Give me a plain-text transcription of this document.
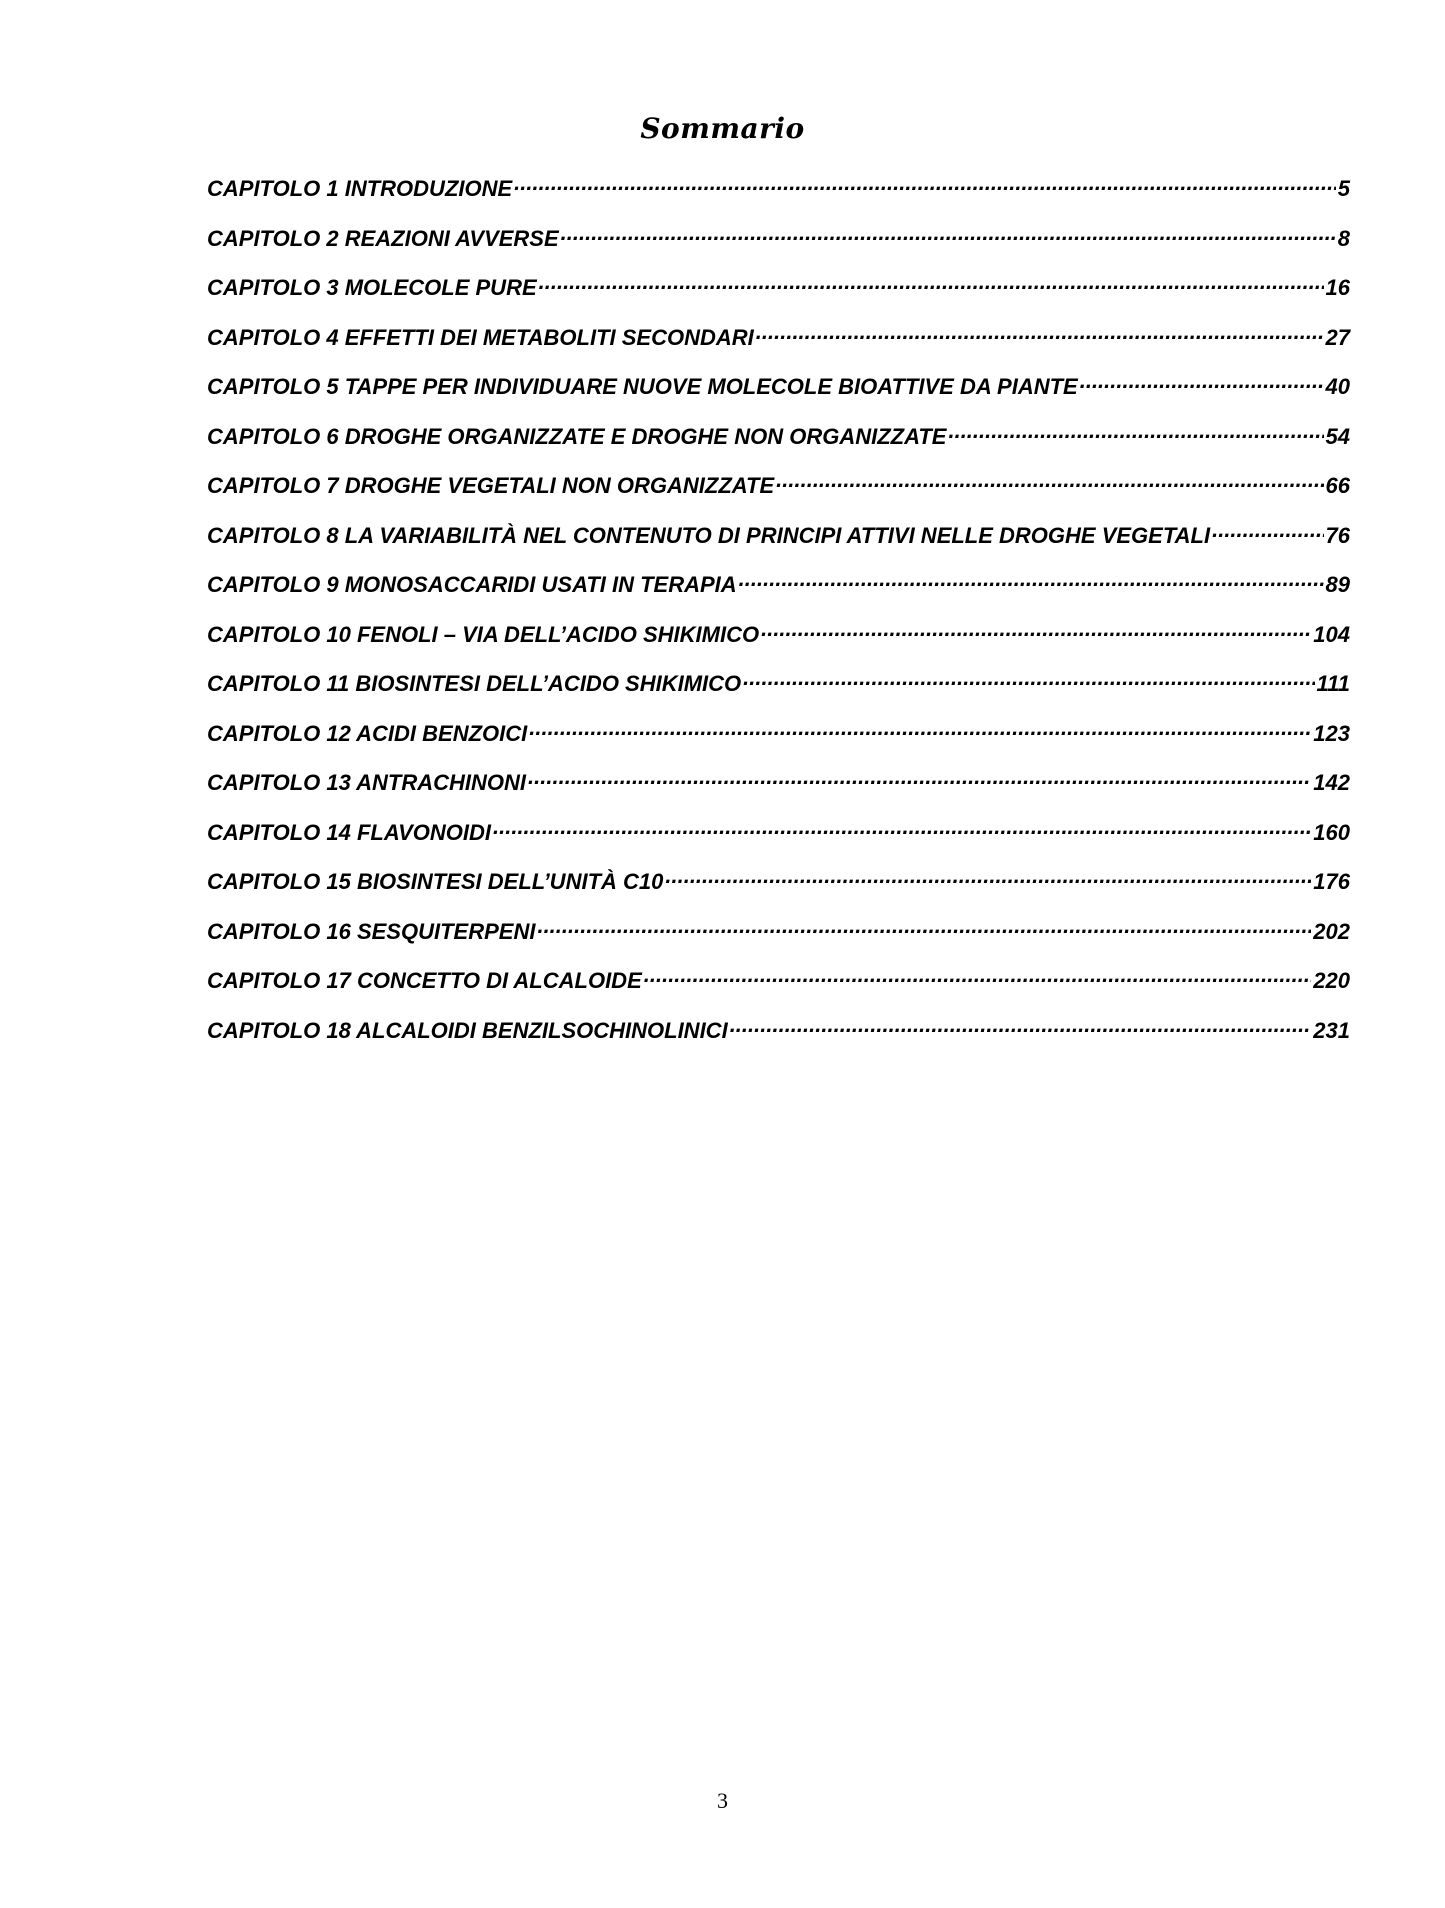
Sommario
CAPITOLO 1 INTRODUZIONE .....	5
CAPITOLO 2 REAZIONI AVVERSE .....	8
CAPITOLO 3 MOLECOLE PURE .....	16
CAPITOLO 4 EFFETTI DEI METABOLITI SECONDARI .....	27
CAPITOLO 5 TAPPE PER INDIVIDUARE NUOVE MOLECOLE BIOATTIVE DA PIANTE .....	40
CAPITOLO 6 DROGHE ORGANIZZATE E DROGHE NON ORGANIZZATE .....	54
CAPITOLO 7 DROGHE VEGETALI NON ORGANIZZATE .....	66
CAPITOLO 8 LA VARIABILITÀ NEL CONTENUTO DI PRINCIPI ATTIVI NELLE DROGHE VEGETALI .....	76
CAPITOLO 9 MONOSACCARIDI USATI IN TERAPIA .....	89
CAPITOLO 10 FENOLI – VIA DELL’ACIDO SHIKIMICO .....	104
CAPITOLO 11 BIOSINTESI DELL’ACIDO SHIKIMICO .....	111
CAPITOLO 12 ACIDI BENZOICI .....	123
CAPITOLO 13 ANTRACHINONI .....	142
CAPITOLO 14 FLAVONOIDI .....	160
CAPITOLO 15 BIOSINTESI DELL’UNITÀ C10 .....	176
CAPITOLO 16 SESQUITERPENI .....	202
CAPITOLO 17 CONCETTO DI ALCALOIDE .....	220
CAPITOLO 18 ALCALOIDI BENZILSOCHINOLINICI .....	231
3
